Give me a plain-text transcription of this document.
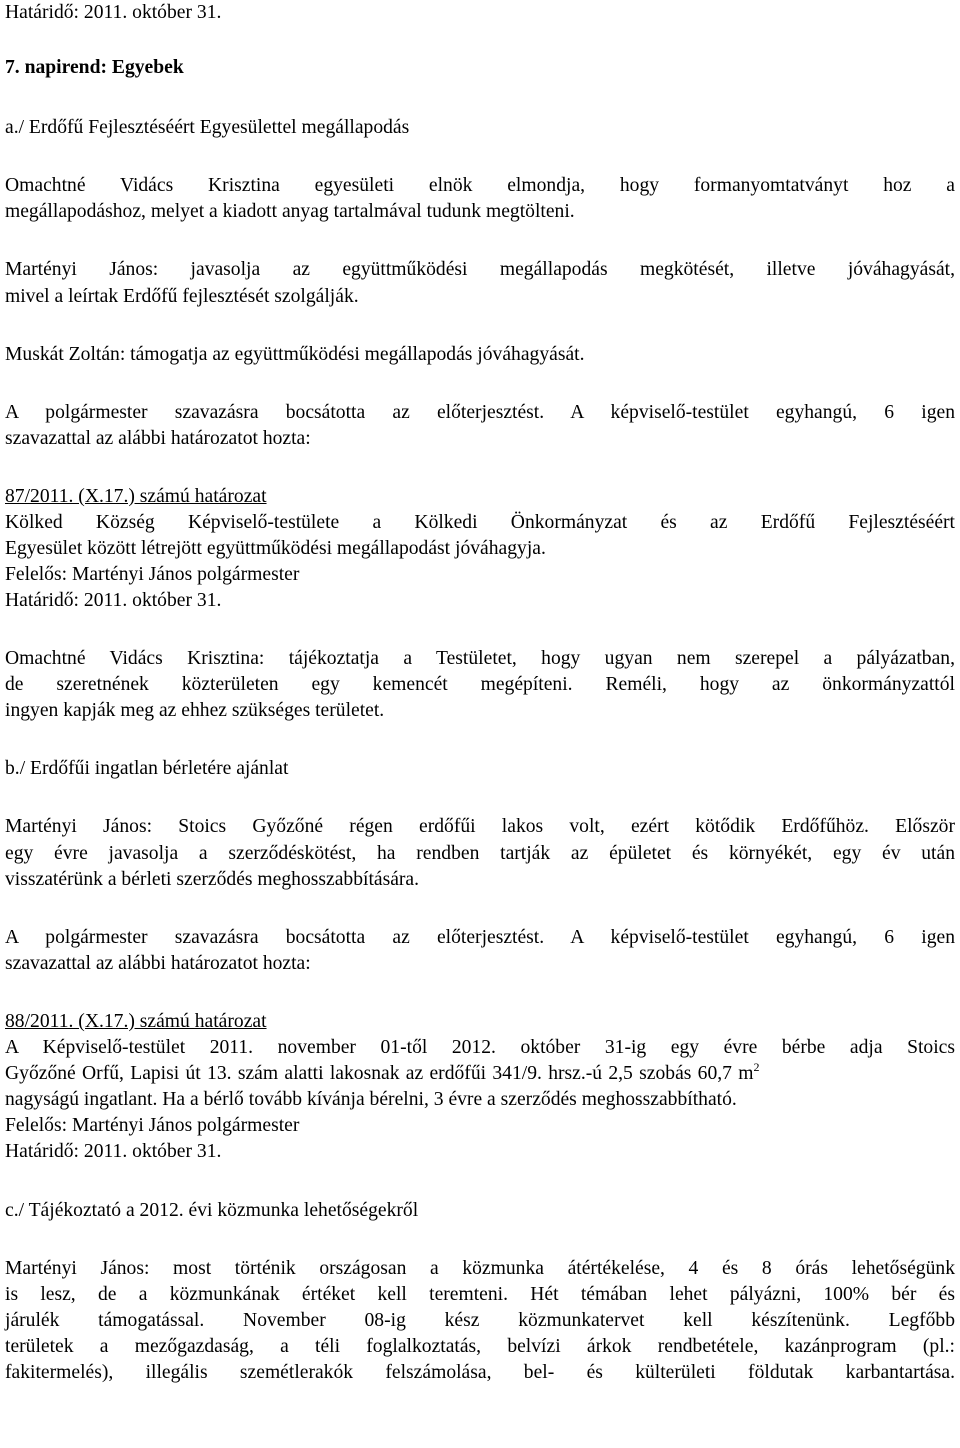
Határidő: 2011. október 31.
7. napirend: Egyebek
a./ Erdőfű Fejlesztéséért Egyesülettel megállapodás
Omachtné Vidács Krisztina egyesületi elnök elmondja, hogy formanyomtatványt hoz a
megállapodáshoz, melyet a kiadott anyag tartalmával tudunk megtölteni.
Martényi János: javasolja az együttműködési megállapodás megkötését, illetve jóváhagyását,
mivel a leírtak Erdőfű fejlesztését szolgálják.
Muskát Zoltán: támogatja az együttműködési megállapodás jóváhagyását.
A polgármester szavazásra bocsátotta az előterjesztést. A képviselő-testület egyhangú, 6 igen
szavazattal az alábbi határozatot hozta:
87/2011. (X.17.) számú határozat
Kölked Község Képviselő-testülete a Kölkedi Önkormányzat és az Erdőfű Fejlesztéséért
Egyesület között létrejött együttműködési megállapodást jóváhagyja.
Felelős: Martényi János polgármester
Határidő: 2011. október 31.
Omachtné Vidács Krisztina: tájékoztatja a Testületet, hogy ugyan nem szerepel a pályázatban,
de szeretnének közterületen egy kemencét megépíteni. Reméli, hogy az önkormányzattól
ingyen kapják meg az ehhez szükséges területet.
b./ Erdőfűi ingatlan bérletére ajánlat
Martényi János: Stoics Győzőné régen erdőfűi lakos volt, ezért kötődik Erdőfűhöz. Először
egy évre javasolja a szerződéskötést, ha rendben tartják az épületet és környékét, egy év után
visszatérünk a bérleti szerződés meghosszabbítására.
A polgármester szavazásra bocsátotta az előterjesztést. A képviselő-testület egyhangú, 6 igen
szavazattal az alábbi határozatot hozta:
88/2011. (X.17.) számú határozat
A Képviselő-testület 2011. november 01-től 2012. október 31-ig egy évre bérbe adja Stoics
Győzőné Orfű, Lapisi út 13. szám alatti lakosnak az erdőfűi 341/9. hrsz.-ú 2,5 szobás 60,7 $m^2$
nagyságú ingatlant. Ha a bérlő tovább kívánja bérelni, 3 évre a szerződés meghosszabbítható.
Felelős: Martényi János polgármester
Határidő: 2011. október 31.
c./ Tájékoztató a 2012. évi közmunka lehetőségekről
Martényi János: most történik országosan a közmunka átértékelése, 4 és 8 órás lehetőségünk
is lesz, de a közmunkának értéket kell teremteni. Hét témában lehet pályázni, 100% bér és
járulék támogatással. November 08-ig kész közmunkatervet kell készítenünk. Legfőbb
területek a mezőgazdaság, a téli foglalkoztatás, belvízi árkok rendbetétele, kazánprogram (pl.:
fakitermelés), illegális szemétlerakók felszámolása, bel- és külterületi földutak karbantartása.
